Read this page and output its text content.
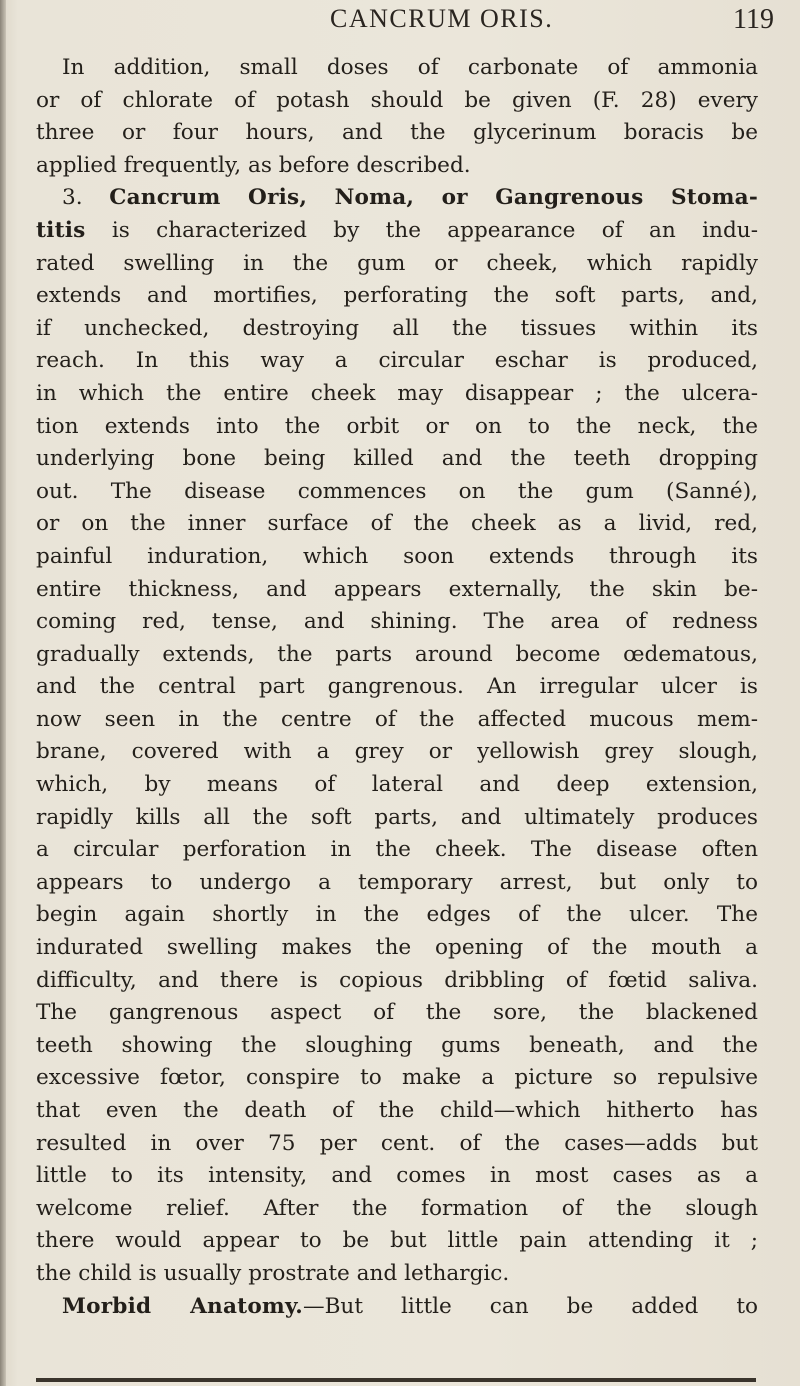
CANCRUM ORIS.	119
In addition, small doses of carbonate of ammonia
or of chlorate of potash should be given (F. 28) every
three or four hours, and the glycerinum boracis be
applied frequently, as before described.
3. Cancrum Oris, Noma, or Gangrenous Stoma-
titis is characterized by the appearance of an indu-
rated swelling in the gum or cheek, which rapidly
extends and mortifies, perforating the soft parts, and,
if unchecked, destroying all the tissues within its
reach. In this way a circular eschar is produced,
in which the entire cheek may disappear ; the ulcera-
tion extends into the orbit or on to the neck, the
underlying bone being killed and the teeth dropping
out. The disease commences on the gum (Sanné),
or on the inner surface of the cheek as a livid, red,
painful induration, which soon extends through its
entire thickness, and appears externally, the skin be-
coming red, tense, and shining. The area of redness
gradually extends, the parts around become œdematous,
and the central part gangrenous. An irregular ulcer is
now seen in the centre of the affected mucous mem-
brane, covered with a grey or yellowish grey slough,
which, by means of lateral and deep extension,
rapidly kills all the soft parts, and ultimately produces
a circular perforation in the cheek. The disease often
appears to undergo a temporary arrest, but only to
begin again shortly in the edges of the ulcer. The
indurated swelling makes the opening of the mouth a
difficulty, and there is copious dribbling of fœtid saliva.
The gangrenous aspect of the sore, the blackened
teeth showing the sloughing gums beneath, and the
excessive fœtor, conspire to make a picture so repulsive
that even the death of the child—which hitherto has
resulted in over 75 per cent. of the cases—adds but
little to its intensity, and comes in most cases as a
welcome relief. After the formation of the slough
there would appear to be but little pain attending it ;
the child is usually prostrate and lethargic.
Morbid Anatomy.—But little can be added to
